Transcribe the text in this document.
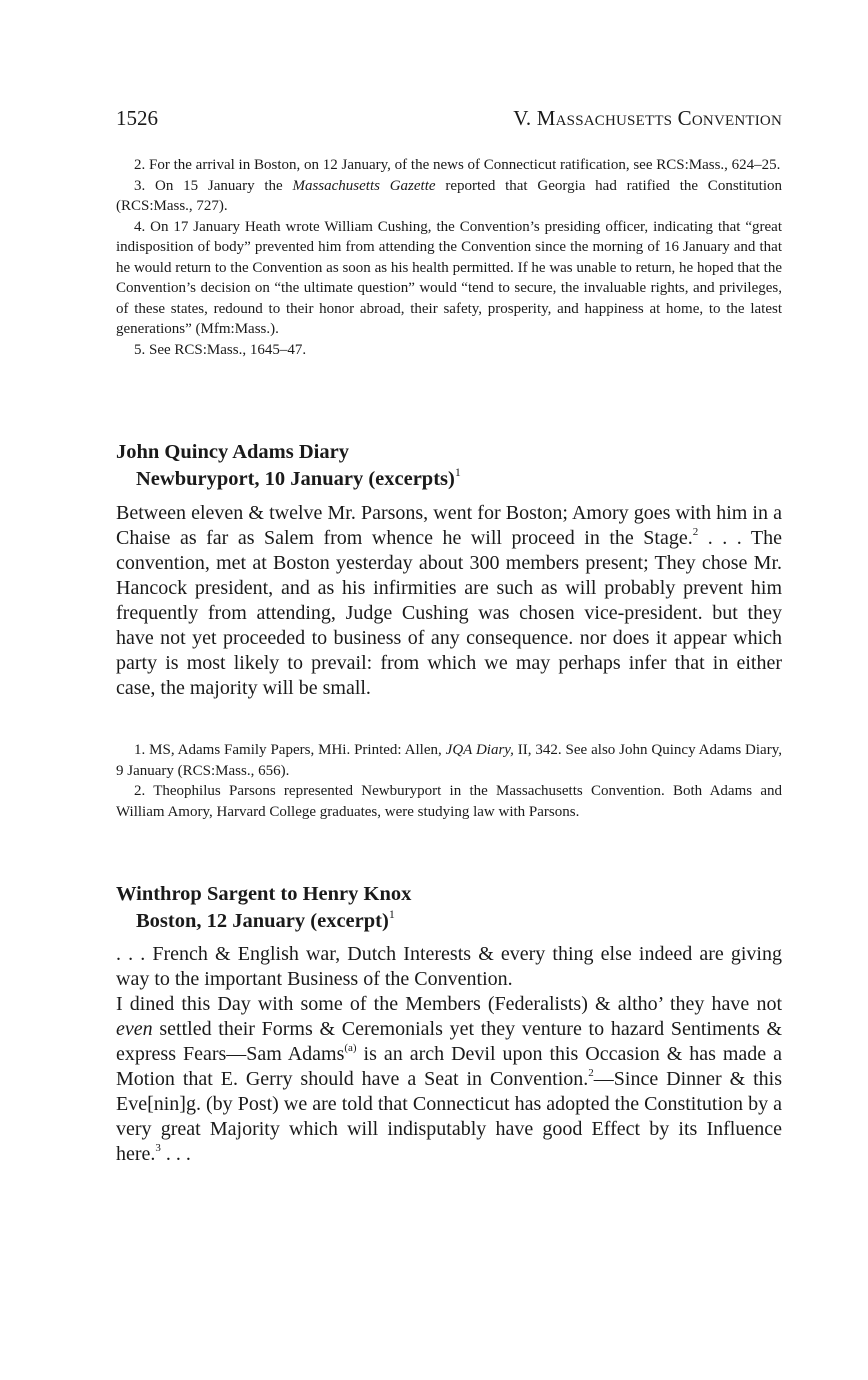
1526	V. Massachusetts Convention

2. For the arrival in Boston, on 12 January, of the news of Connecticut ratification, see RCS:Mass., 624–25.

3. On 15 January the Massachusetts Gazette reported that Georgia had ratified the Constitution (RCS:Mass., 727).

4. On 17 January Heath wrote William Cushing, the Convention’s presiding officer, indicating that “great indisposition of body” prevented him from attending the Convention since the morning of 16 January and that he would return to the Convention as soon as his health permitted. If he was unable to return, he hoped that the Convention’s decision on “the ultimate question” would “tend to secure, the invaluable rights, and privileges, of these states, redound to their honor abroad, their safety, prosperity, and happiness at home, to the latest generations” (Mfm:Mass.).

5. See RCS:Mass., 1645–47.

John Quincy Adams Diary
Newburyport, 10 January (excerpts)$^1$

Between eleven & twelve Mr. Parsons, went for Boston; Amory goes with him in a Chaise as far as Salem from whence he will proceed in the Stage.$^2$ . . . The convention, met at Boston yesterday about 300 members present; They chose Mr. Hancock president, and as his infirmities are such as will probably prevent him frequently from attending, Judge Cushing was chosen vice-president. but they have not yet proceeded to business of any consequence. nor does it appear which party is most likely to prevail: from which we may perhaps infer that in either case, the majority will be small.

1. MS, Adams Family Papers, MHi. Printed: Allen, JQA Diary, II, 342. See also John Quincy Adams Diary, 9 January (RCS:Mass., 656).

2. Theophilus Parsons represented Newburyport in the Massachusetts Convention. Both Adams and William Amory, Harvard College graduates, were studying law with Parsons.

Winthrop Sargent to Henry Knox
Boston, 12 January (excerpt)$^1$

. . . French & English war, Dutch Interests & every thing else indeed are giving way to the important Business of the Convention.

I dined this Day with some of the Members (Federalists) & altho’ they have not even settled their Forms & Ceremonials yet they venture to hazard Sentiments & express Fears—Sam Adams$^{(a)}$ is an arch Devil upon this Occasion & has made a Motion that E. Gerry should have a Seat in Convention.$^2$—Since Dinner & this Eve[nin]g. (by Post) we are told that Connecticut has adopted the Constitution by a very great Majority which will indisputably have good Effect by its Influence here.$^3$ . . .
